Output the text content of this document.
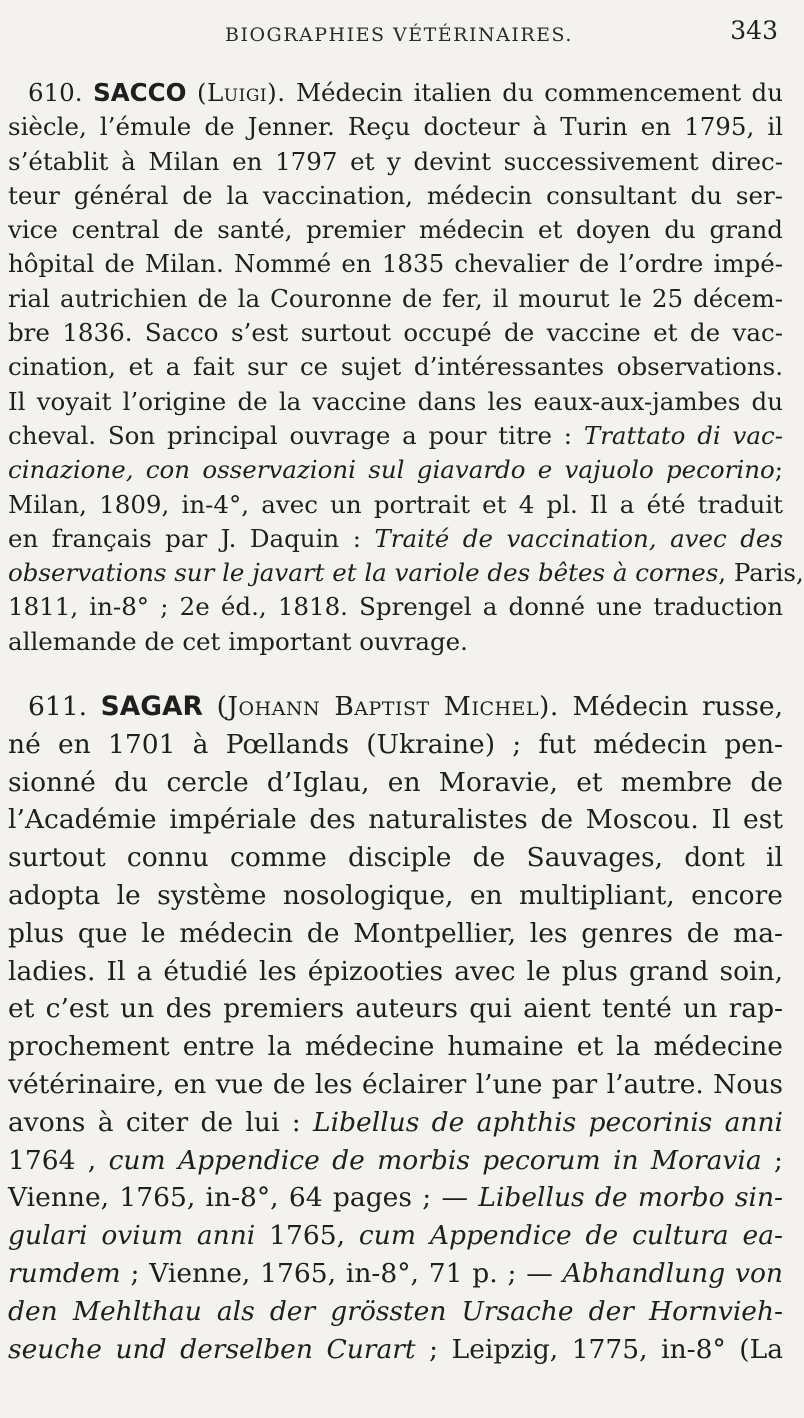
BIOGRAPHIES VÉTÉRINAIRES.	343
610. SACCO (Luigi). Médecin italien du commencement du
siècle, l’émule de Jenner. Reçu docteur à Turin en 1795, il
s’établit à Milan en 1797 et y devint successivement direc-
teur général de la vaccination, médecin consultant du ser-
vice central de santé, premier médecin et doyen du grand
hôpital de Milan. Nommé en 1835 chevalier de l’ordre impé-
rial autrichien de la Couronne de fer, il mourut le 25 décem-
bre 1836. Sacco s’est surtout occupé de vaccine et de vac-
cination, et a fait sur ce sujet d’intéressantes observations.
Il voyait l’origine de la vaccine dans les eaux-aux-jambes du
cheval. Son principal ouvrage a pour titre : Trattato di vac-
cinazione, con osservazioni sul giavardo e vajuolo pecorino;
Milan, 1809, in-4°, avec un portrait et 4 pl. Il a été traduit
en français par J. Daquin : Traité de vaccination, avec des
observations sur le javart et la variole des bêtes à cornes, Paris,
1811, in-8° ; 2e éd., 1818. Sprengel a donné une traduction
allemande de cet important ouvrage.
611. SAGAR (Johann Baptist Michel). Médecin russe,
né en 1701 à Pœllands (Ukraine) ; fut médecin pen-
sionné du cercle d’Iglau, en Moravie, et membre de
l’Académie impériale des naturalistes de Moscou. Il est
surtout connu comme disciple de Sauvages, dont il
adopta le système nosologique, en multipliant, encore
plus que le médecin de Montpellier, les genres de ma-
ladies. Il a étudié les épizooties avec le plus grand soin,
et c’est un des premiers auteurs qui aient tenté un rap-
prochement entre la médecine humaine et la médecine
vétérinaire, en vue de les éclairer l’une par l’autre. Nous
avons à citer de lui : Libellus de aphthis pecorinis anni
1764 , cum Appendice de morbis pecorum in Moravia ;
Vienne, 1765, in-8°, 64 pages ; — Libellus de morbo sin-
gulari ovium anni 1765, cum Appendice de cultura ea-
rumdem ; Vienne, 1765, in-8°, 71 p. ; — Abhandlung von
den Mehlthau als der grössten Ursache der Hornvieh-
seuche und derselben Curart ; Leipzig, 1775, in-8° (La
